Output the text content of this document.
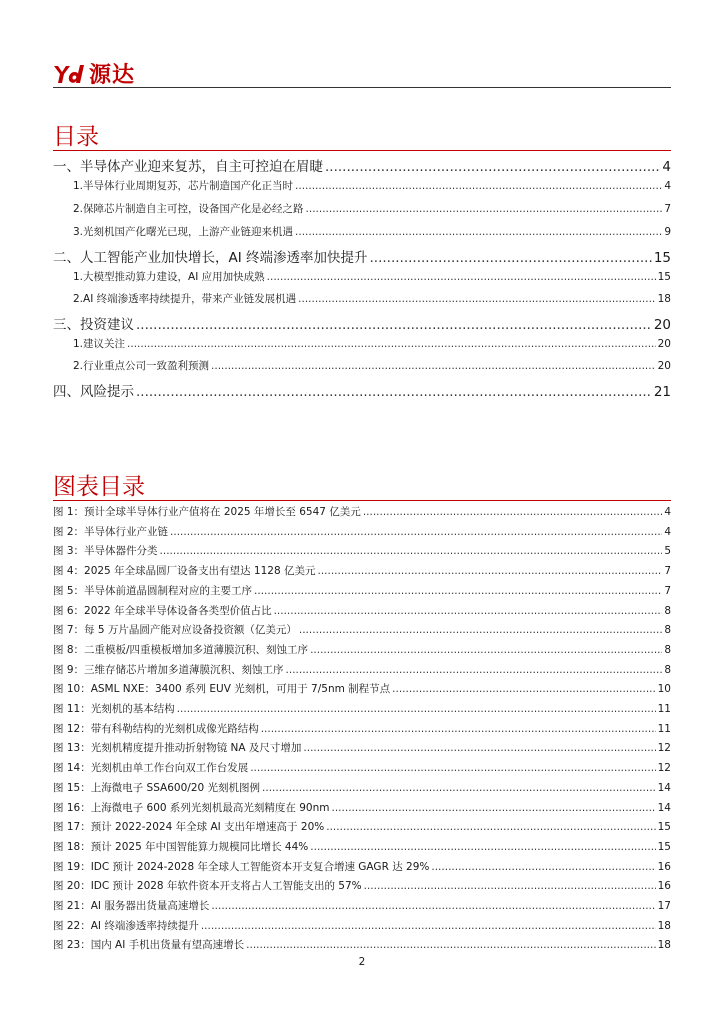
源达
目录
一、半导体产业迎来复苏，自主可控迫在眉睫 .....	4
1.半导体行业周期复苏，芯片制造国产化正当时 .....	4
2.保障芯片制造自主可控，设备国产化是必经之路 .....	7
3.光刻机国产化曙光已现，上游产业链迎来机遇 .....	9
二、人工智能产业加快增长，AI 终端渗透率加快提升 .....	15
1.大模型推动算力建设，AI 应用加快成熟 .....	15
2.AI 终端渗透率持续提升，带来产业链发展机遇 .....	18
三、投资建议 .....	20
1.建议关注 .....	20
2.行业重点公司一致盈利预测 .....	20
四、风险提示 .....	21
图表目录
图 1：预计全球半导体行业产值将在 2025 年增长至 6547 亿美元 .....	4
图 2：半导体行业产业链 .....	4
图 3：半导体器件分类 .....	5
图 4：2025 年全球晶圆厂设备支出有望达 1128 亿美元 .....	7
图 5：半导体前道晶圆制程对应的主要工序 .....	7
图 6：2022 年全球半导体设备各类型价值占比 .....	8
图 7：每 5 万片晶圆产能对应设备投资额（亿美元） .....	8
图 8：二重模板/四重模板增加多道薄膜沉积、刻蚀工序 .....	8
图 9：三维存储芯片增加多道薄膜沉积、刻蚀工序 .....	8
图 10：ASML NXE：3400 系列 EUV 光刻机，可用于 7/5nm 制程节点 .....	10
图 11：光刻机的基本结构 .....	11
图 12：带有科勒结构的光刻机成像光路结构 .....	11
图 13：光刻机精度提升推动折射物镜 NA 及尺寸增加 .....	12
图 14：光刻机由单工作台向双工作台发展 .....	12
图 15：上海微电子 SSA600/20 光刻机图例 .....	14
图 16：上海微电子 600 系列光刻机最高光刻精度在 90nm .....	14
图 17：预计 2022-2024 年全球 AI 支出年增速高于 20% .....	15
图 18：预计 2025 年中国智能算力规模同比增长 44% .....	15
图 19：IDC 预计 2024-2028 年全球人工智能资本开支复合增速 GAGR 达 29% .....	16
图 20：IDC 预计 2028 年软件资本开支将占人工智能支出的 57% .....	16
图 21：AI 服务器出货量高速增长 .....	17
图 22：AI 终端渗透率持续提升 .....	18
图 23：国内 AI 手机出货量有望高速增长 .....	18
2
